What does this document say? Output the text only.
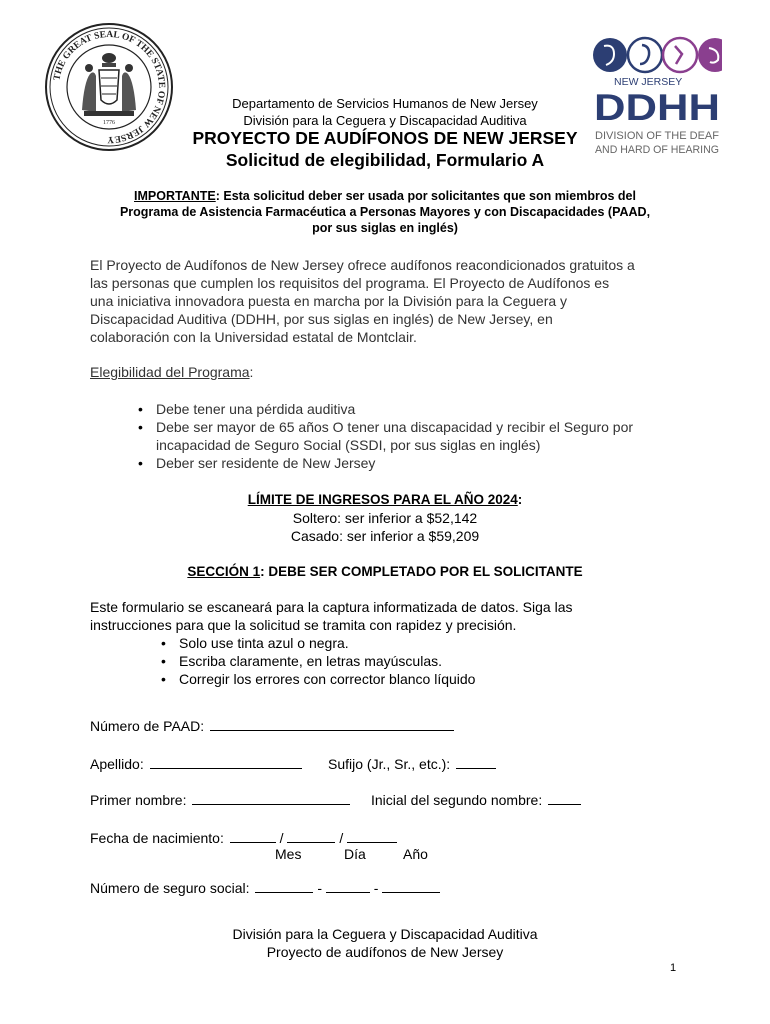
THE GREAT SEAL OF THE STATE OF NEW JERSEY
1776
NEW JERSEY
DDHH
DIVISION OF THE DEAF
AND HARD OF HEARING
Departamento de Servicios Humanos de New Jersey
División para la Ceguera y Discapacidad Auditiva
PROYECTO DE AUDÍFONOS DE NEW JERSEY
Solicitud de elegibilidad, Formulario A
IMPORTANTE: Esta solicitud deber ser usada por solicitantes que son miembros del
Programa de Asistencia Farmacéutica a Personas Mayores y con Discapacidades (PAAD,
por sus siglas en inglés)
El Proyecto de Audífonos de New Jersey ofrece audífonos reacondicionados gratuitos a
las personas que cumplen los requisitos del programa. El Proyecto de Audífonos es
una iniciativa innovadora puesta en marcha por la División para la Ceguera y
Discapacidad Auditiva (DDHH, por sus siglas en inglés) de New Jersey, en
colaboración con la Universidad estatal de Montclair.
Elegibilidad del Programa:
• Debe tener una pérdida auditiva
• Debe ser mayor de 65 años O tener una discapacidad y recibir el Seguro por
incapacidad de Seguro Social (SSDI, por sus siglas en inglés)
• Deber ser residente de New Jersey
LÍMITE DE INGRESOS PARA EL AÑO 2024:
Soltero: ser inferior a $52,142
Casado: ser inferior a $59,209
SECCIÓN 1: DEBE SER COMPLETADO POR EL SOLICITANTE
Este formulario se escaneará para la captura informatizada de datos. Siga las
instrucciones para que la solicitud se tramita con rapidez y precisión.
• Solo use tinta azul o negra.
• Escriba claramente, en letras mayúsculas.
• Corregir los errores con corrector blanco líquido
Número de PAAD:
Apellido:	Sufijo (Jr., Sr., etc.):
Primer nombre:	Inicial del segundo nombre:
Fecha de nacimiento:	/	/
Mes	Día	Año
Número de seguro social:	-	-
División para la Ceguera y Discapacidad Auditiva
Proyecto de audífonos de New Jersey
1
